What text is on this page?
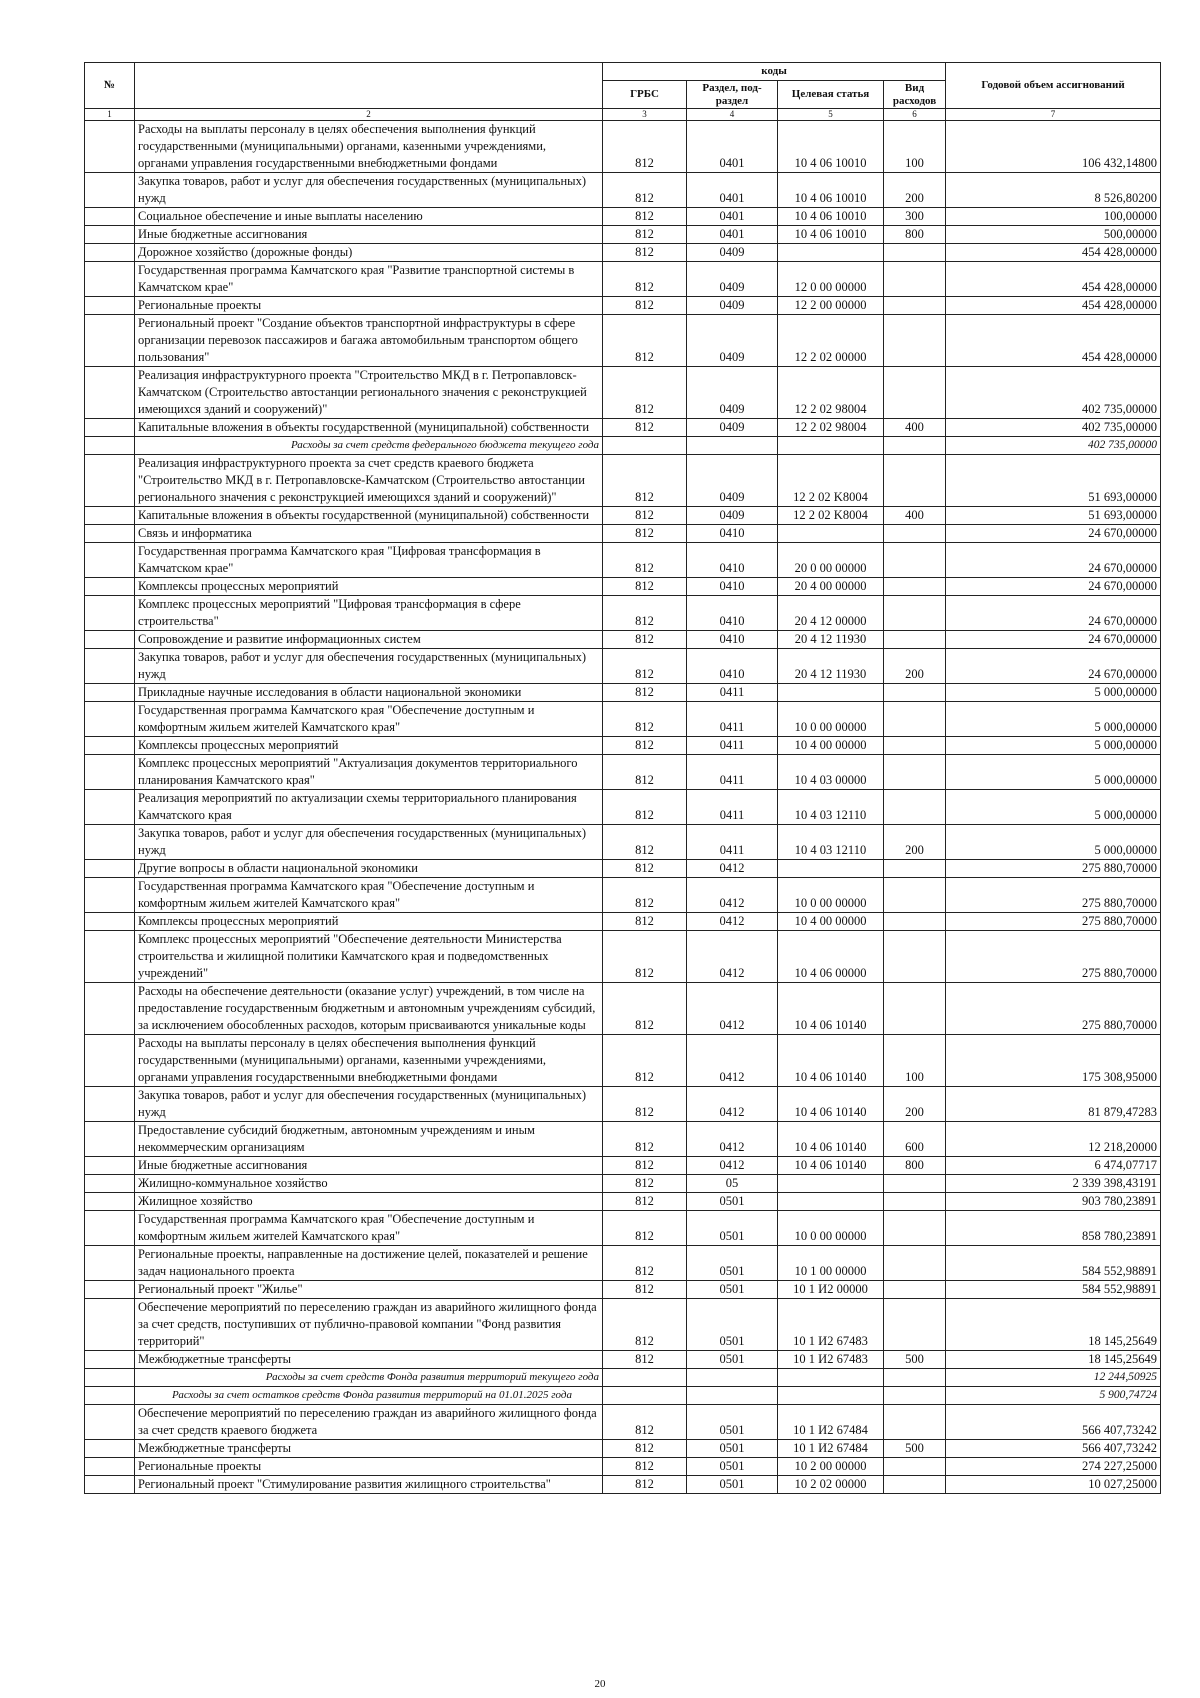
№		коды				Годовой объем ассигнований
		ГРБС	Раздел, под-раздел	Целевая статья	Вид расходов	
1	2	3	4	5	6	7
	Расходы на выплаты персоналу в целях обеспечения выполнения функций государственными (муниципальными) органами, казенными учреждениями, органами управления государственными внебюджетными фондами	812	0401	10 4 06 10010	100	106 432,14800
	Закупка товаров, работ и услуг для обеспечения государственных (муниципальных) нужд	812	0401	10 4 06 10010	200	8 526,80200
	Социальное обеспечение и иные выплаты населению	812	0401	10 4 06 10010	300	100,00000
	Иные бюджетные ассигнования	812	0401	10 4 06 10010	800	500,00000
	Дорожное хозяйство (дорожные фонды)	812	0409			454 428,00000
	Государственная программа Камчатского края "Развитие транспортной системы в Камчатском крае"	812	0409	12 0 00 00000		454 428,00000
	Региональные проекты	812	0409	12 2 00 00000		454 428,00000
	Региональный проект "Создание объектов транспортной инфраструктуры в сфере организации перевозок пассажиров и багажа автомобильным транспортом общего пользования"	812	0409	12 2 02 00000		454 428,00000
	Реализация инфраструктурного проекта "Строительство МКД в г. Петропавловск-Камчатском (Строительство автостанции регионального значения с реконструкцией имеющихся зданий и сооружений)"	812	0409	12 2 02 98004		402 735,00000
	Капитальные вложения в объекты государственной (муниципальной) собственности	812	0409	12 2 02 98004	400	402 735,00000
	Расходы за счет средств федерального бюджета текущего года					402 735,00000
	Реализация инфраструктурного проекта за счет средств краевого бюджета "Строительство МКД в г. Петропавловске-Камчатском (Строительство автостанции регионального значения с реконструкцией имеющихся зданий и сооружений)"	812	0409	12 2 02 K8004		51 693,00000
	Капитальные вложения в объекты государственной (муниципальной) собственности	812	0409	12 2 02 K8004	400	51 693,00000
	Связь и информатика	812	0410			24 670,00000
	Государственная программа Камчатского края "Цифровая трансформация в Камчатском крае"	812	0410	20 0 00 00000		24 670,00000
	Комплексы процессных мероприятий	812	0410	20 4 00 00000		24 670,00000
	Комплекс процессных мероприятий "Цифровая трансформация в сфере строительства"	812	0410	20 4 12 00000		24 670,00000
	Сопровождение и развитие информационных систем	812	0410	20 4 12 11930		24 670,00000
	Закупка товаров, работ и услуг для обеспечения государственных (муниципальных) нужд	812	0410	20 4 12 11930	200	24 670,00000
	Прикладные научные исследования в области национальной экономики	812	0411			5 000,00000
	Государственная программа Камчатского края "Обеспечение доступным и комфортным жильем жителей Камчатского края"	812	0411	10 0 00 00000		5 000,00000
	Комплексы процессных мероприятий	812	0411	10 4 00 00000		5 000,00000
	Комплекс процессных мероприятий "Актуализация документов территориального планирования Камчатского края"	812	0411	10 4 03 00000		5 000,00000
	Реализация мероприятий по актуализации схемы территориального планирования Камчатского края	812	0411	10 4 03 12110		5 000,00000
	Закупка товаров, работ и услуг для обеспечения государственных (муниципальных) нужд	812	0411	10 4 03 12110	200	5 000,00000
	Другие вопросы в области национальной экономики	812	0412			275 880,70000
	Государственная программа Камчатского края "Обеспечение доступным и комфортным жильем жителей Камчатского края"	812	0412	10 0 00 00000		275 880,70000
	Комплексы процессных мероприятий	812	0412	10 4 00 00000		275 880,70000
	Комплекс процессных мероприятий "Обеспечение деятельности Министерства строительства и жилищной политики Камчатского края и подведомственных учреждений"	812	0412	10 4 06 00000		275 880,70000
	Расходы на обеспечение деятельности (оказание услуг) учреждений, в том числе на предоставление государственным бюджетным и автономным учреждениям субсидий, за исключением обособленных расходов, которым присваиваются уникальные коды	812	0412	10 4 06 10140		275 880,70000
	Расходы на выплаты персоналу в целях обеспечения выполнения функций государственными (муниципальными) органами, казенными учреждениями, органами управления государственными внебюджетными фондами	812	0412	10 4 06 10140	100	175 308,95000
	Закупка товаров, работ и услуг для обеспечения государственных (муниципальных) нужд	812	0412	10 4 06 10140	200	81 879,47283
	Предоставление субсидий бюджетным, автономным учреждениям и иным некоммерческим организациям	812	0412	10 4 06 10140	600	12 218,20000
	Иные бюджетные ассигнования	812	0412	10 4 06 10140	800	6 474,07717
	Жилищно-коммунальное хозяйство	812	05			2 339 398,43191
	Жилищное хозяйство	812	0501			903 780,23891
	Государственная программа Камчатского края "Обеспечение доступным и комфортным жильем жителей Камчатского края"	812	0501	10 0 00 00000		858 780,23891
	Региональные проекты, направленные на достижение целей, показателей и решение задач национального проекта	812	0501	10 1 00 00000		584 552,98891
	Региональный проект "Жилье"	812	0501	10 1 И2 00000		584 552,98891
	Обеспечение мероприятий по переселению граждан из аварийного жилищного фонда за счет средств, поступивших от публично-правовой компании "Фонд развития территорий"	812	0501	10 1 И2 67483		18 145,25649
	Межбюджетные трансферты	812	0501	10 1 И2 67483	500	18 145,25649
	Расходы за счет средств Фонда развития территорий текущего года					12 244,50925
	Расходы за счет остатков средств Фонда развития территорий на 01.01.2025 года					5 900,74724
	Обеспечение мероприятий по переселению граждан из аварийного жилищного фонда за счет средств краевого бюджета	812	0501	10 1 И2 67484		566 407,73242
	Межбюджетные трансферты	812	0501	10 1 И2 67484	500	566 407,73242
	Региональные проекты	812	0501	10 2 00 00000		274 227,25000
	Региональный проект "Стимулирование развития жилищного строительства"	812	0501	10 2 02 00000		10 027,25000
20
